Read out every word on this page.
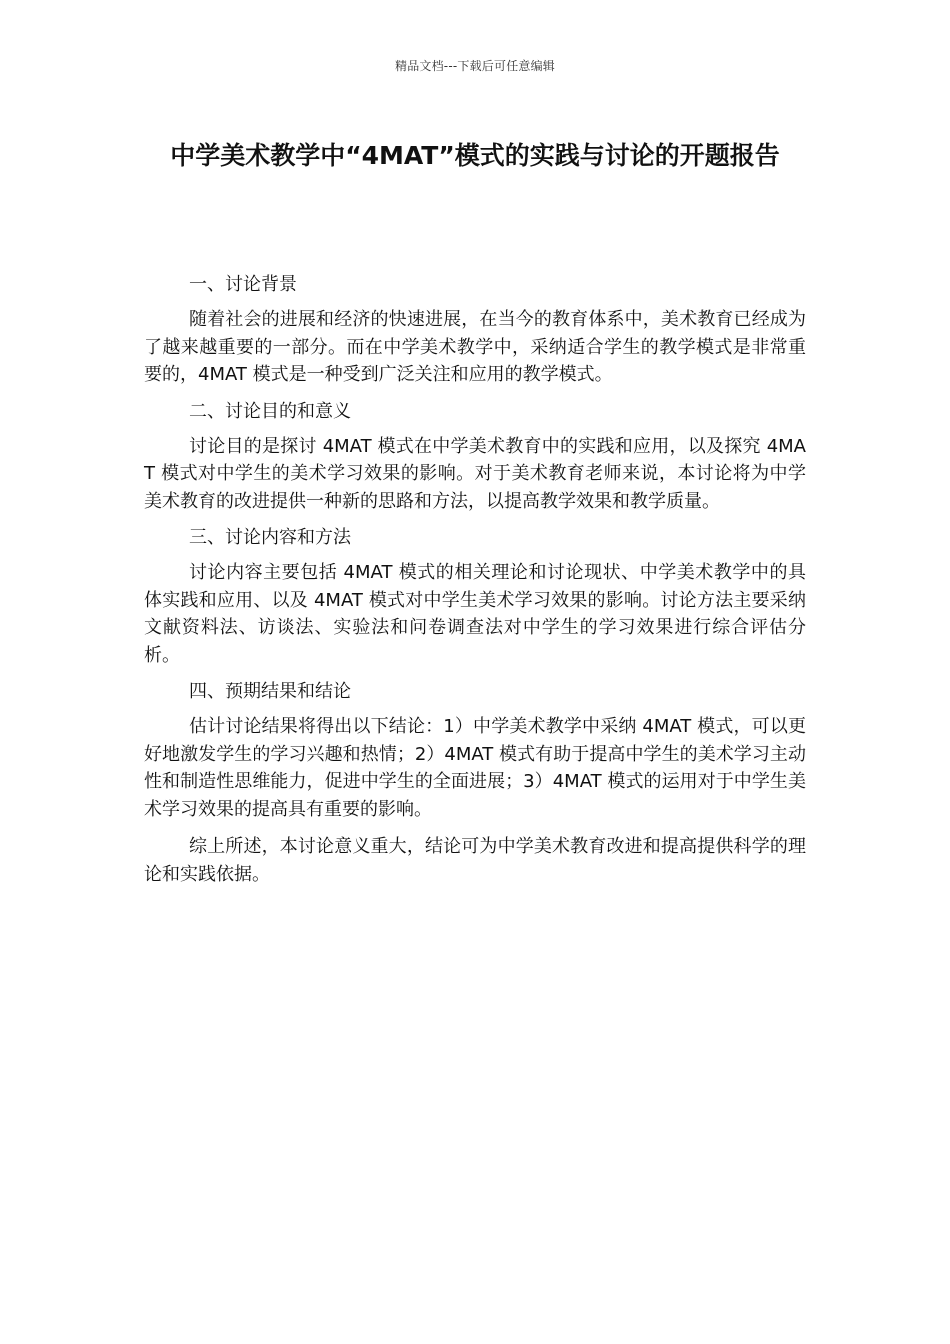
精品文档---下载后可任意编辑
中学美术教学中“4MAT”模式的实践与讨论的开题报告
一、讨论背景

随着社会的进展和经济的快速进展，在当今的教育体系中，美术教育已经成为了越来越重要的一部分。而在中学美术教学中，采纳适合学生的教学模式是非常重要的，4MAT 模式是一种受到广泛关注和应用的教学模式。

二、讨论目的和意义

讨论目的是探讨 4MAT 模式在中学美术教育中的实践和应用，以及探究 4MAT 模式对中学生的美术学习效果的影响。对于美术教育老师来说，本讨论将为中学美术教育的改进提供一种新的思路和方法，以提高教学效果和教学质量。

三、讨论内容和方法

讨论内容主要包括 4MAT 模式的相关理论和讨论现状、中学美术教学中的具体实践和应用、以及 4MAT 模式对中学生美术学习效果的影响。讨论方法主要采纳文献资料法、访谈法、实验法和问卷调查法对中学生的学习效果进行综合评估分析。

四、预期结果和结论

估计讨论结果将得出以下结论：1）中学美术教学中采纳 4MAT 模式，可以更好地激发学生的学习兴趣和热情；2）4MAT 模式有助于提高中学生的美术学习主动性和制造性思维能力，促进中学生的全面进展；3）4MAT 模式的运用对于中学生美术学习效果的提高具有重要的影响。

综上所述，本讨论意义重大，结论可为中学美术教育改进和提高提供科学的理论和实践依据。
